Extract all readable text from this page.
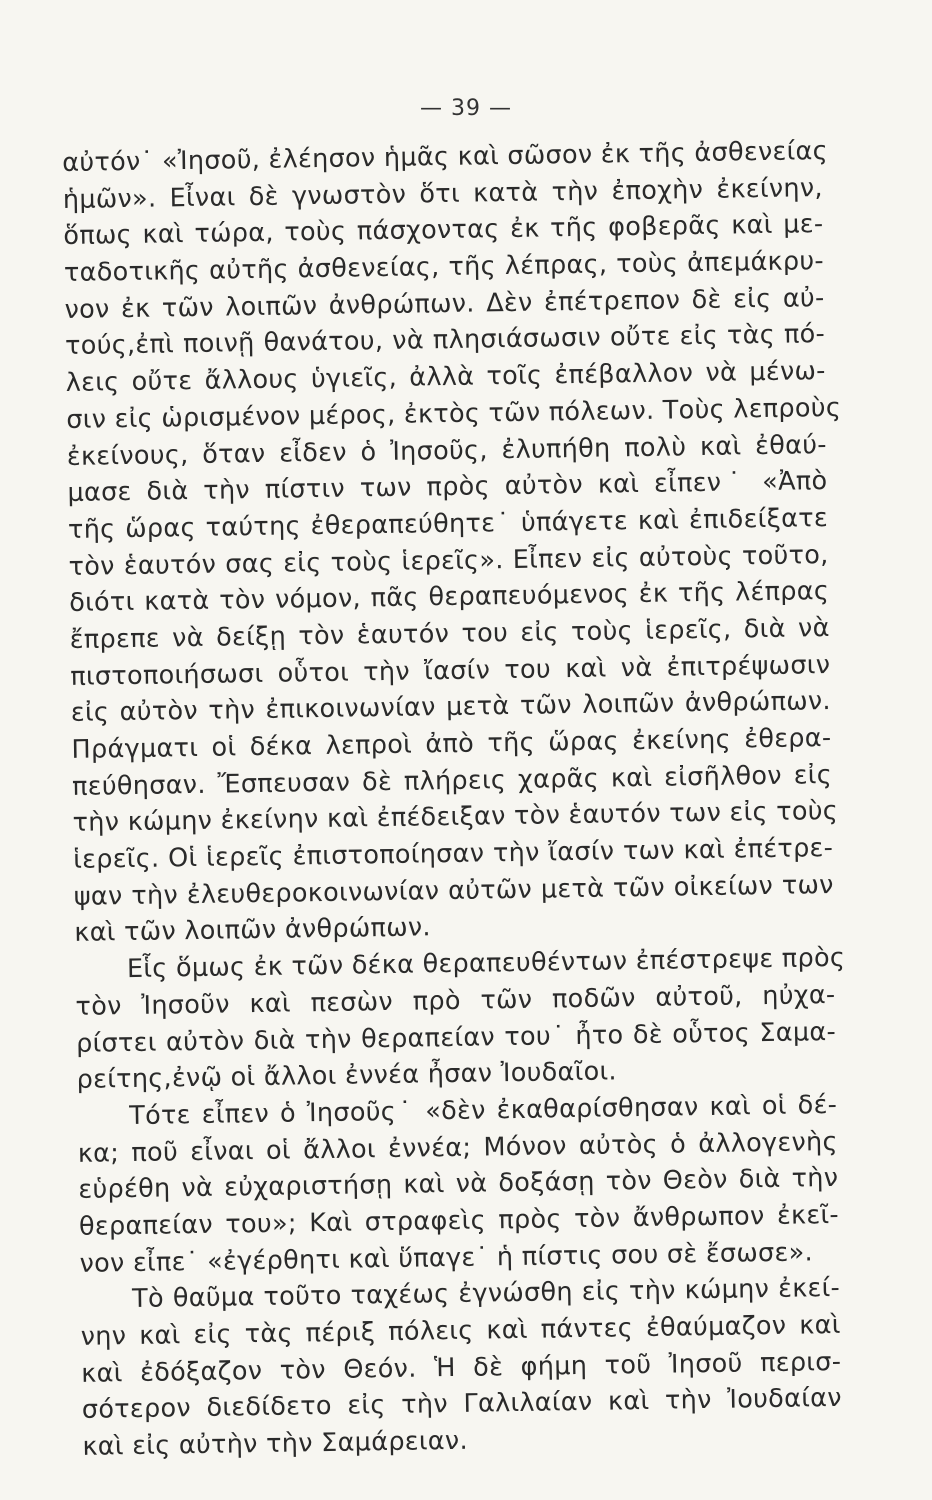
— 39 —
αὐτόν˙ «Ἰησοῦ, ἐλέησον ἡμᾶς καὶ σῶσον ἐκ τῆς ἀσθενείας
ἡμῶν». Εἶναι δὲ γνωστὸν ὅτι κατὰ τὴν ἐποχὴν ἐκείνην,
ὅπως καὶ τώρα, τοὺς πάσχοντας ἐκ τῆς φοβερᾶς καὶ με-
ταδοτικῆς αὐτῆς ἀσθενείας, τῆς λέπρας, τοὺς ἀπεμάκρυ-
νον ἐκ τῶν λοιπῶν ἀνθρώπων. Δὲν ἐπέτρεπον δὲ εἰς αὐ-
τούς,ἐπὶ ποινῇ θανάτου, νὰ πλησιάσωσιν οὔτε εἰς τὰς πό-
λεις οὔτε ἄλλους ὑγιεῖς, ἀλλὰ τοῖς ἐπέβαλλον νὰ μένω-
σιν εἰς ὡρισμένον μέρος, ἐκτὸς τῶν πόλεων. Τοὺς λεπροὺς
ἐκείνους, ὅταν εἶδεν ὁ Ἰησοῦς, ἐλυπήθη πολὺ καὶ ἐθαύ-
μασε διὰ τὴν πίστιν των πρὸς αὐτὸν καὶ εἶπεν˙ «Ἀπὸ
τῆς ὥρας ταύτης ἐθεραπεύθητε˙ ὑπάγετε καὶ ἐπιδείξατε
τὸν ἑαυτόν σας εἰς τοὺς ἱερεῖς». Εἶπεν εἰς αὐτοὺς τοῦτο,
διότι κατὰ τὸν νόμον, πᾶς θεραπευόμενος ἐκ τῆς λέπρας
ἔπρεπε νὰ δείξῃ τὸν ἑαυτόν του εἰς τοὺς ἱερεῖς, διὰ νὰ
πιστοποιήσωσι οὗτοι τὴν ἴασίν του καὶ νὰ ἐπιτρέψωσιν
εἰς αὐτὸν τὴν ἐπικοινωνίαν μετὰ τῶν λοιπῶν ἀνθρώπων.
Πράγματι οἱ δέκα λεπροὶ ἀπὸ τῆς ὥρας ἐκείνης ἐθερα-
πεύθησαν. Ἔσπευσαν δὲ πλήρεις χαρᾶς καὶ εἰσῆλθον εἰς
τὴν κώμην ἐκείνην καὶ ἐπέδειξαν τὸν ἑαυτόν των εἰς τοὺς
ἱερεῖς. Οἱ ἱερεῖς ἐπιστοποίησαν τὴν ἴασίν των καὶ ἐπέτρε-
ψαν τὴν ἐλευθεροκοινωνίαν αὐτῶν μετὰ τῶν οἰκείων των
καὶ τῶν λοιπῶν ἀνθρώπων.
Εἷς ὅμως ἐκ τῶν δέκα θεραπευθέντων ἐπέστρεψε πρὸς
τὸν Ἰησοῦν καὶ πεσὼν πρὸ τῶν ποδῶν αὐτοῦ, ηὐχα-
ρίστει αὐτὸν διὰ τὴν θεραπείαν του˙ ἦτο δὲ οὗτος Σαμα-
ρείτης,ἐνῷ οἱ ἄλλοι ἐννέα ἦσαν Ἰουδαῖοι.
Τότε εἶπεν ὁ Ἰησοῦς˙ «δὲν ἐκαθαρίσθησαν καὶ οἱ δέ-
κα; ποῦ εἶναι οἱ ἄλλοι ἐννέα; Μόνον αὐτὸς ὁ ἀλλογενὴς
εὑρέθη νὰ εὐχαριστήσῃ καὶ νὰ δοξάσῃ τὸν Θεὸν διὰ τὴν
θεραπείαν του»; Καὶ στραφεὶς πρὸς τὸν ἄνθρωπον ἐκεῖ-
νον εἶπε˙ «ἐγέρθητι καὶ ὕπαγε˙ ἡ πίστις σου σὲ ἔσωσε».
Τὸ θαῦμα τοῦτο ταχέως ἐγνώσθη εἰς τὴν κώμην ἐκεί-
νην καὶ εἰς τὰς πέριξ πόλεις καὶ πάντες ἐθαύμαζον καὶ
καὶ ἐδόξαζον τὸν Θεόν. Ἡ δὲ φήμη τοῦ Ἰησοῦ περισ-
σότερον διεδίδετο εἰς τὴν Γαλιλαίαν καὶ τὴν Ἰουδαίαν
καὶ εἰς αὐτὴν τὴν Σαμάρειαν.
